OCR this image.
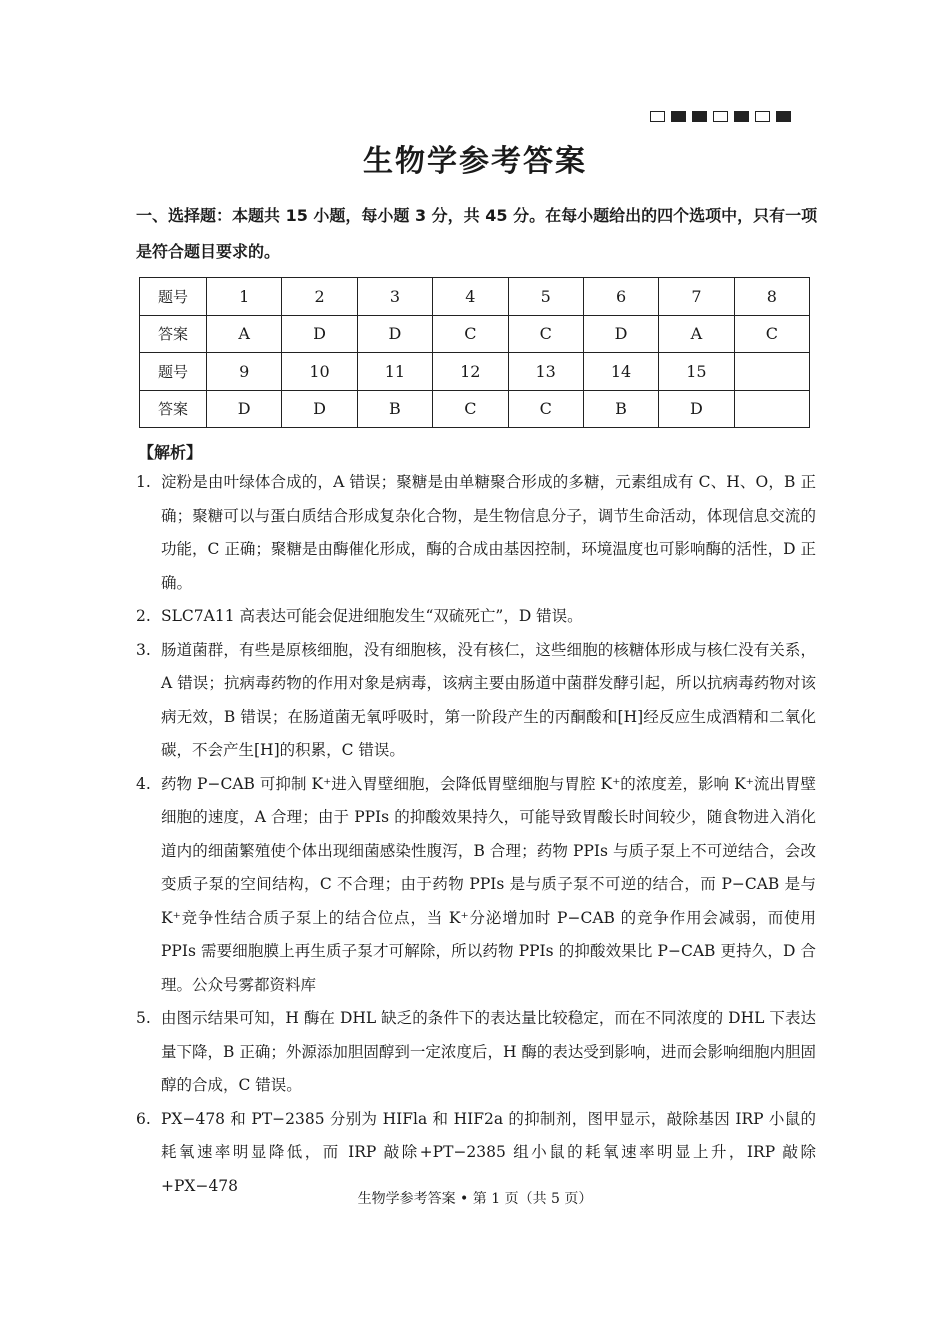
生物学参考答案
一、选择题：本题共 15 小题，每小题 3 分，共 45 分。在每小题给出的四个选项中，只有一项是符合题目要求的。
题号	1	2	3	4	5	6	7	8
答案	A	D	D	C	C	D	A	C
题号	9	10	11	12	13	14	15	
答案	D	D	B	C	C	B	D	
【解析】
1. 淀粉是由叶绿体合成的，A 错误；聚糖是由单糖聚合形成的多糖，元素组成有 C、H、O，B 正确；聚糖可以与蛋白质结合形成复杂化合物，是生物信息分子，调节生命活动，体现信息交流的功能，C 正确；聚糖是由酶催化形成，酶的合成由基因控制，环境温度也可影响酶的活性，D 正确。
2. SLC7A11 高表达可能会促进细胞发生“双硫死亡”，D 错误。
3. 肠道菌群，有些是原核细胞，没有细胞核，没有核仁，这些细胞的核糖体形成与核仁没有关系，A 错误；抗病毒药物的作用对象是病毒，该病主要由肠道中菌群发酵引起，所以抗病毒药物对该病无效，B 错误；在肠道菌无氧呼吸时，第一阶段产生的丙酮酸和[H]经反应生成酒精和二氧化碳，不会产生[H]的积累，C 错误。
4. 药物 P−CAB 可抑制 K⁺进入胃壁细胞，会降低胃壁细胞与胃腔 K⁺的浓度差，影响 K⁺流出胃壁细胞的速度，A 合理；由于 PPIs 的抑酸效果持久，可能导致胃酸长时间较少，随食物进入消化道内的细菌繁殖使个体出现细菌感染性腹泻，B 合理；药物 PPIs 与质子泵上不可逆结合，会改变质子泵的空间结构，C 不合理；由于药物 PPIs 是与质子泵不可逆的结合，而 P−CAB 是与 K⁺竞争性结合质子泵上的结合位点，当 K⁺分泌增加时 P−CAB 的竞争作用会减弱，而使用 PPIs 需要细胞膜上再生质子泵才可解除，所以药物 PPIs 的抑酸效果比 P−CAB 更持久，D 合理。公众号雾都资料库
5. 由图示结果可知，H 酶在 DHL 缺乏的条件下的表达量比较稳定，而在不同浓度的 DHL 下表达量下降，B 正确；外源添加胆固醇到一定浓度后，H 酶的表达受到影响，进而会影响细胞内胆固醇的合成，C 错误。
6. PX−478 和 PT−2385 分别为 HIFla 和 HIF2a 的抑制剂，图甲显示，敲除基因 IRP 小鼠的耗氧速率明显降低，而 IRP 敲除+PT−2385 组小鼠的耗氧速率明显上升，IRP 敲除+PX−478
生物学参考答案 • 第 1 页（共 5 页）
